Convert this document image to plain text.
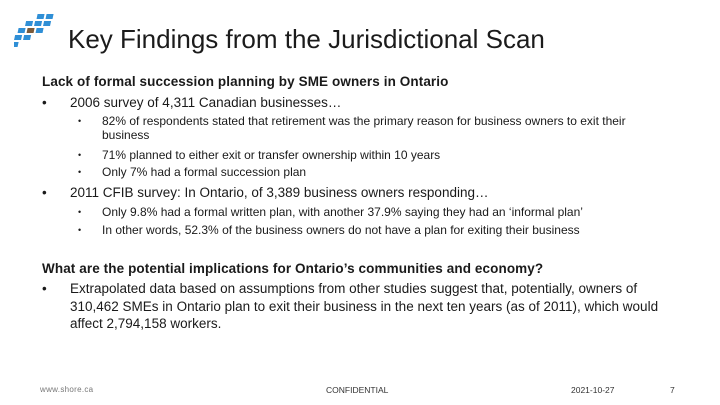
Key Findings from the Jurisdictional Scan
Lack of formal succession planning by SME owners in Ontario
•	2006 survey of 4,311 Canadian businesses…
• 82% of respondents stated that retirement was the primary reason for business owners to exit their business
• 71% planned to either exit or transfer ownership within 10 years
• Only 7% had a formal succession plan
•	2011 CFIB survey: In Ontario, of 3,389 business owners responding…
• Only 9.8% had a formal written plan, with another 37.9% saying they had an ‘informal plan’
• In other words, 52.3% of the business owners do not have a plan for exiting their business
What are the potential implications for Ontario’s communities and economy?
• Extrapolated data based on assumptions from other studies suggest that, potentially, owners of 310,462 SMEs in Ontario plan to exit their business in the next ten years (as of 2011), which would affect 2,794,158 workers.
www.shore.ca	CONFIDENTIAL	2021-10-27	7
